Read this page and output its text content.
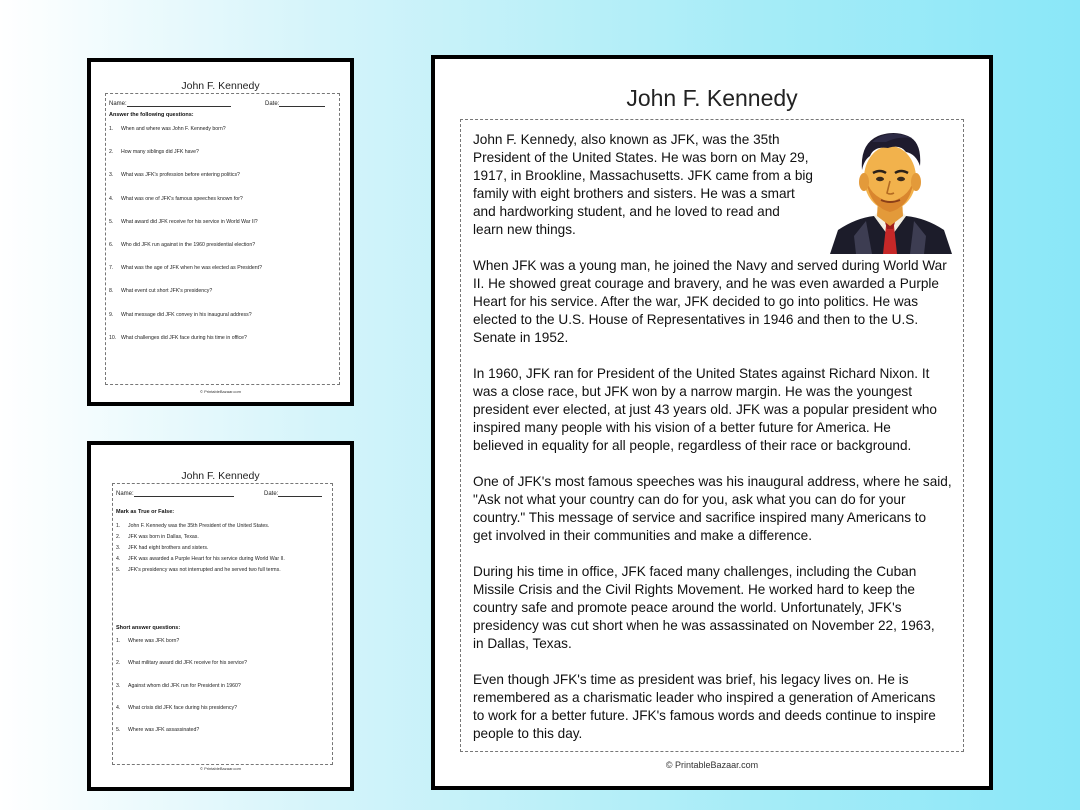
John F. Kennedy
Name:	Date:
Answer the following questions:
© PrintableBazaar.com
1. When and where was John F. Kennedy born?
2. How many siblings did JFK have?
3. What was JFK's profession before entering politics?
4. What was one of JFK's famous speeches known for?
5. What award did JFK receive for his service in World War II?
6. Who did JFK run against in the 1960 presidential election?
7. What was the age of JFK when he was elected as President?
8. What event cut short JFK's presidency?
9. What message did JFK convey in his inaugural address?
10. What challenges did JFK face during his time in office?
John F. Kennedy
Name:	Date:
Mark as True or False:
Short answer questions:
© PrintableBazaar.com
1. John F. Kennedy was the 35th President of the United States.
2. JFK was born in Dallas, Texas.
3. JFK had eight brothers and sisters.
4. JFK was awarded a Purple Heart for his service during World War II.
5. JFK's presidency was not interrupted and he served two full terms.
1. Where was JFK born?
2. What military award did JFK receive for his service?
3. Against whom did JFK run for President in 1960?
4. What crisis did JFK face during his presidency?
5. Where was JFK assassinated?
John F. Kennedy
© PrintableBazaar.com
John F. Kennedy, also known as JFK, was the 35th
President of the United States. He was born on May 29,
1917, in Brookline, Massachusetts. JFK came from a big
family with eight brothers and sisters. He was a smart
and hardworking student, and he loved to read and
learn new things.
When JFK was a young man, he joined the Navy and served during World War
II. He showed great courage and bravery, and he was even awarded a Purple
Heart for his service. After the war, JFK decided to go into politics. He was
elected to the U.S. House of Representatives in 1946 and then to the U.S.
Senate in 1952.
In 1960, JFK ran for President of the United States against Richard Nixon. It
was a close race, but JFK won by a narrow margin. He was the youngest
president ever elected, at just 43 years old. JFK was a popular president who
inspired many people with his vision of a better future for America. He
believed in equality for all people, regardless of their race or background.
One of JFK's most famous speeches was his inaugural address, where he said,
"Ask not what your country can do for you, ask what you can do for your
country." This message of service and sacrifice inspired many Americans to
get involved in their communities and make a difference.
During his time in office, JFK faced many challenges, including the Cuban
Missile Crisis and the Civil Rights Movement. He worked hard to keep the
country safe and promote peace around the world. Unfortunately, JFK's
presidency was cut short when he was assassinated on November 22, 1963,
in Dallas, Texas.
Even though JFK's time as president was brief, his legacy lives on. He is
remembered as a charismatic leader who inspired a generation of Americans
to work for a better future. JFK's famous words and deeds continue to inspire
people to this day.
